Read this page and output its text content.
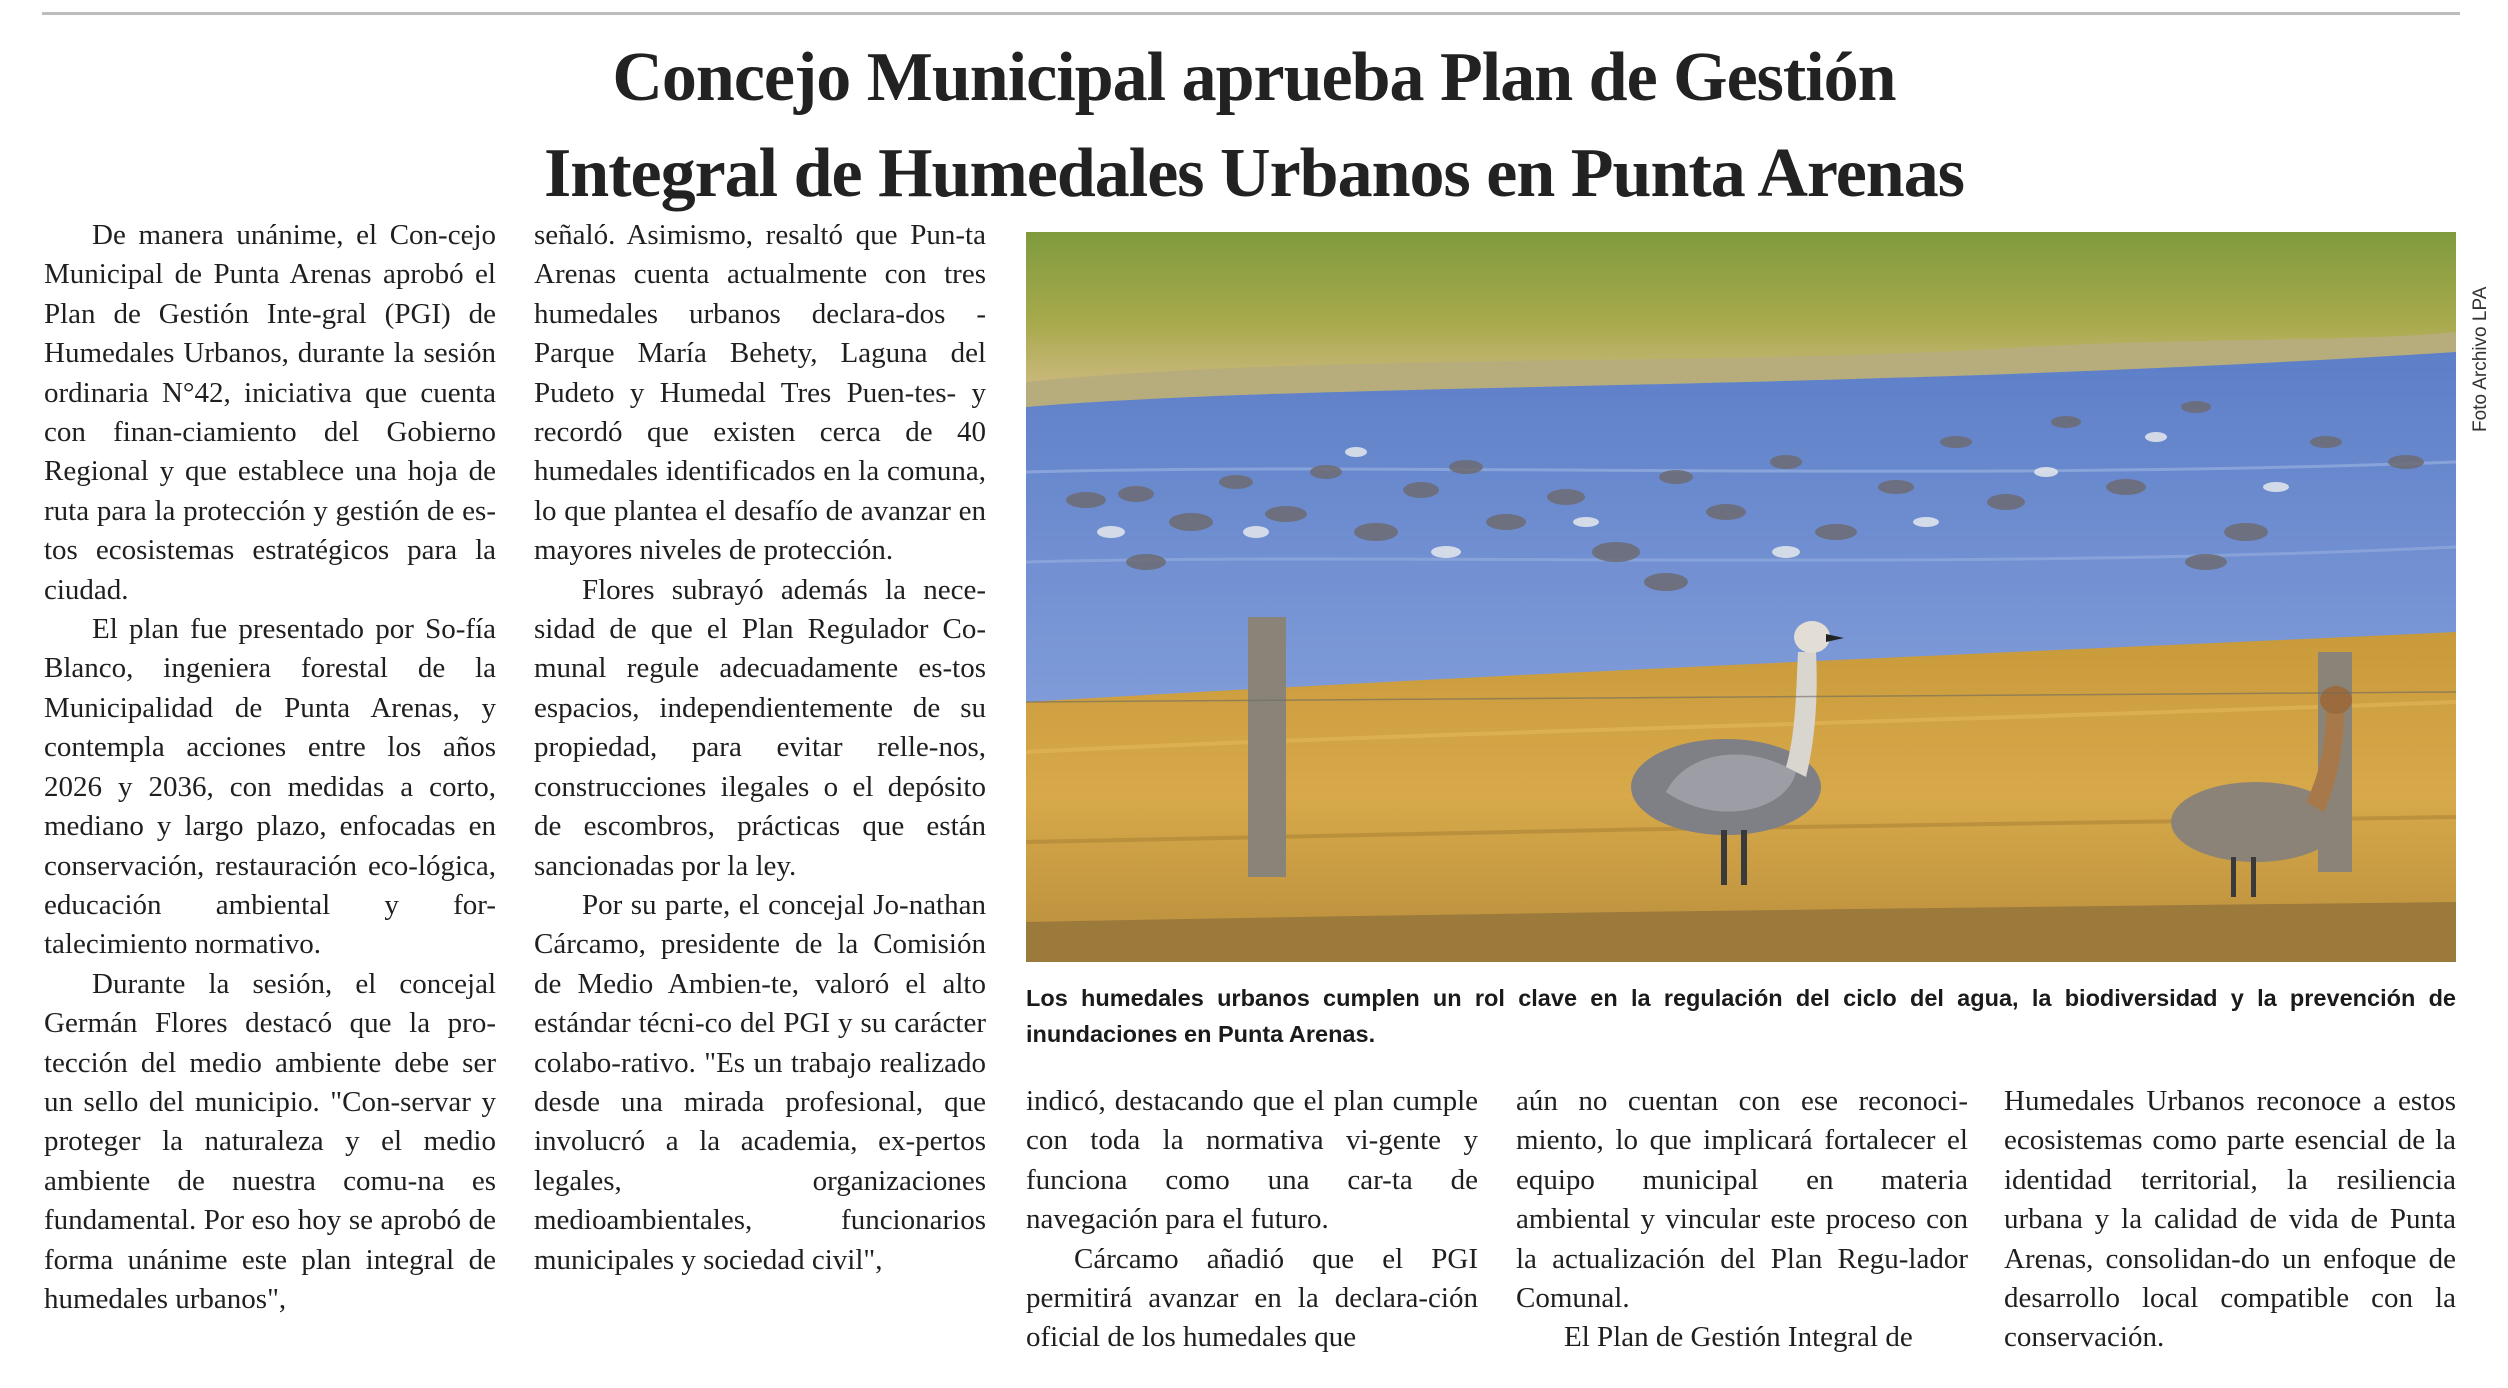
Concejo Municipal aprueba Plan de Gestión
Integral de Humedales Urbanos en Punta Arenas

De manera unánime, el Con-cejo Municipal de Punta Arenas aprobó el Plan de Gestión Inte-gral (PGI) de Humedales Urbanos, durante la sesión ordinaria N°42, iniciativa que cuenta con finan-ciamiento del Gobierno Regional y que establece una hoja de ruta para la protección y gestión de es-tos ecosistemas estratégicos para la ciudad.

El plan fue presentado por So-fía Blanco, ingeniera forestal de la Municipalidad de Punta Arenas, y contempla acciones entre los años 2026 y 2036, con medidas a corto, mediano y largo plazo, enfocadas en conservación, restauración eco-lógica, educación ambiental y for-talecimiento normativo.

Durante la sesión, el concejal Germán Flores destacó que la pro-tección del medio ambiente debe ser un sello del municipio. "Con-servar y proteger la naturaleza y el medio ambiente de nuestra comu-na es fundamental. Por eso hoy se aprobó de forma unánime este plan integral de humedales urbanos",

señaló. Asimismo, resaltó que Pun-ta Arenas cuenta actualmente con tres humedales urbanos declara-dos -Parque María Behety, Laguna del Pudeto y Humedal Tres Puen-tes- y recordó que existen cerca de 40 humedales identificados en la comuna, lo que plantea el desafío de avanzar en mayores niveles de protección.

Flores subrayó además la nece-sidad de que el Plan Regulador Co-munal regule adecuadamente es-tos espacios, independientemente de su propiedad, para evitar relle-nos, construcciones ilegales o el depósito de escombros, prácticas que están sancionadas por la ley.

Por su parte, el concejal Jo-nathan Cárcamo, presidente de la Comisión de Medio Ambien-te, valoró el alto estándar técni-co del PGI y su carácter colabo-rativo. "Es un trabajo realizado desde una mirada profesional, que involucró a la academia, ex-pertos legales, organizaciones medioambientales, funcionarios municipales y sociedad civil",

Foto Archivo LPA

Los humedales urbanos cumplen un rol clave en la regulación del ciclo del agua, la biodiversidad y la prevención de inundaciones en Punta Arenas.

indicó, destacando que el plan cumple con toda la normativa vi-gente y funciona como una car-ta de navegación para el futuro.

Cárcamo añadió que el PGI permitirá avanzar en la declara-ción oficial de los humedales que

aún no cuentan con ese reconoci-miento, lo que implicará fortalecer el equipo municipal en materia ambiental y vincular este proceso con la actualización del Plan Regu-lador Comunal.

El Plan de Gestión Integral de

Humedales Urbanos reconoce a estos ecosistemas como parte esencial de la identidad territorial, la resiliencia urbana y la calidad de vida de Punta Arenas, consolidan-do un enfoque de desarrollo local compatible con la conservación.
